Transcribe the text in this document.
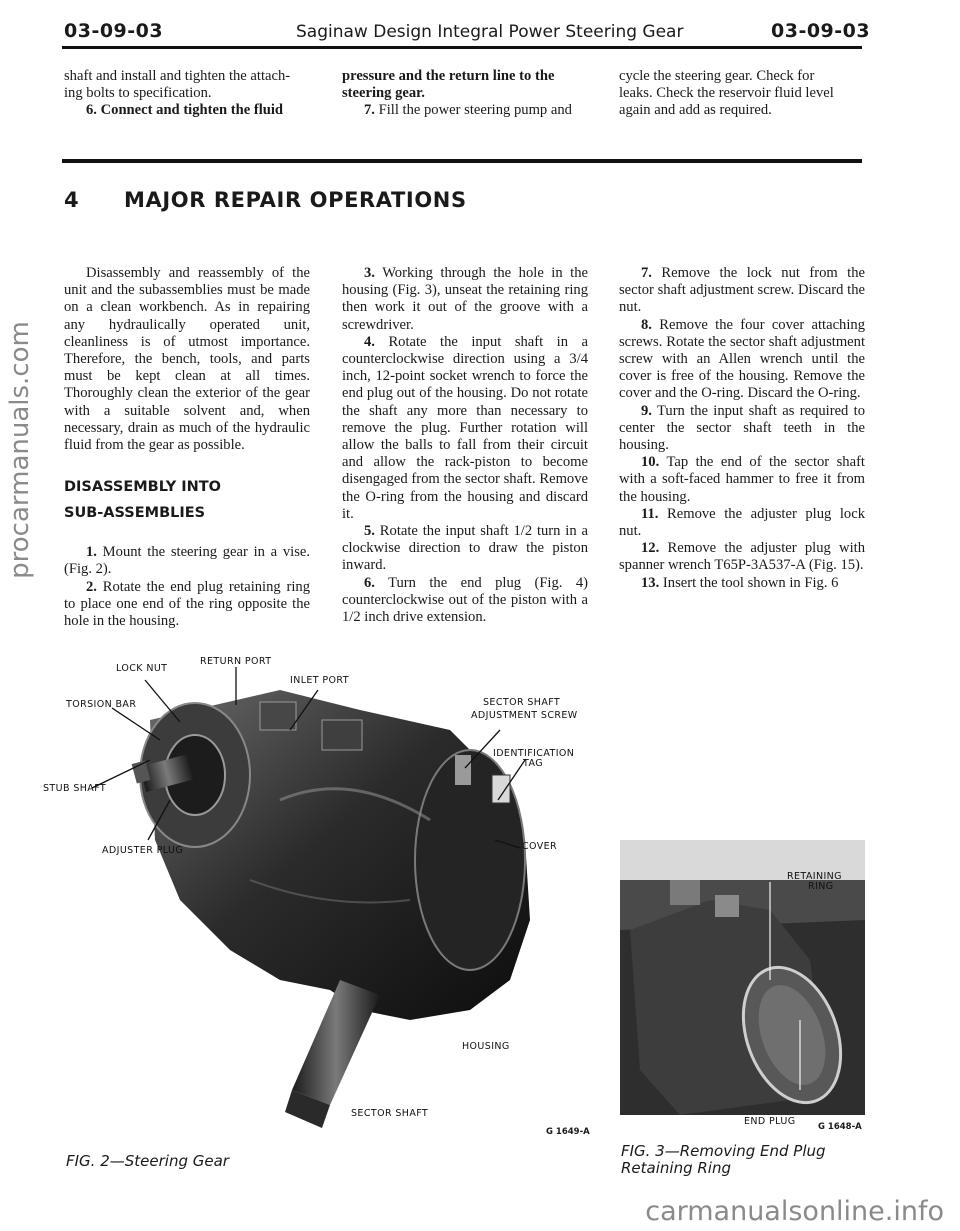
03-09-03	Saginaw Design Integral Power Steering Gear	03-09-03

shaft and install and tighten the attach-

ing bolts to specification.

6. Connect and tighten the fluid

pressure and the return line to the

steering gear.

7. Fill the power steering pump and

cycle the steering gear. Check for

leaks. Check the reservoir fluid level

again and add as required.

4 MAJOR REPAIR OPERATIONS

Disassembly and reassembly of the unit and the subassemblies must be made on a clean workbench. As in repairing any hydraulically operated unit, cleanliness is of utmost importance. Therefore, the bench, tools, and parts must be kept clean at all times. Thoroughly clean the exterior of the gear with a suitable solvent and, when necessary, drain as much of the hydraulic fluid from the gear as possible.

DISASSEMBLY INTO
SUB-ASSEMBLIES

1. Mount the steering gear in a vise. (Fig. 2).

2. Rotate the end plug retaining ring to place one end of the ring opposite the hole in the housing.

3. Working through the hole in the housing (Fig. 3), unseat the retaining ring then work it out of the groove with a screwdriver.

4. Rotate the input shaft in a counterclockwise direction using a 3/4 inch, 12-point socket wrench to force the end plug out of the housing. Do not rotate the shaft any more than necessary to remove the plug. Further rotation will allow the balls to fall from their circuit and allow the rack-piston to become disengaged from the sector shaft. Remove the O-ring from the housing and discard it.

5. Rotate the input shaft 1/2 turn in a clockwise direction to draw the piston inward.

6. Turn the end plug (Fig. 4) counterclockwise out of the piston with a 1/2 inch drive extension.

7. Remove the lock nut from the sector shaft adjustment screw. Discard the nut.

8. Remove the four cover attaching screws. Rotate the sector shaft adjustment screw with an Allen wrench until the cover is free of the housing. Remove the cover and the O-ring. Discard the O-ring.

9. Turn the input shaft as required to center the sector shaft teeth in the housing.

10. Tap the end of the sector shaft with a soft-faced hammer to free it from the housing.

11. Remove the adjuster plug lock nut.

12. Remove the adjuster plug with spanner wrench T65P-3A537-A (Fig. 15).

13. Insert the tool shown in Fig. 6

LOCK NUT
RETURN PORT
INLET PORT
TORSION BAR	SECTOR SHAFT
ADJUSTMENT SCREW
IDENTIFICATION
TAG
STUB SHAFT
ADJUSTER PLUG	COVER
HOUSING
SECTOR SHAFT
G 1649-A
FIG. 2—Steering Gear
RETAINING
RING
END PLUG	G 1648-A
FIG. 3—Removing End Plug
Retaining Ring
procarmanuals.com
carmanualsonline.info
